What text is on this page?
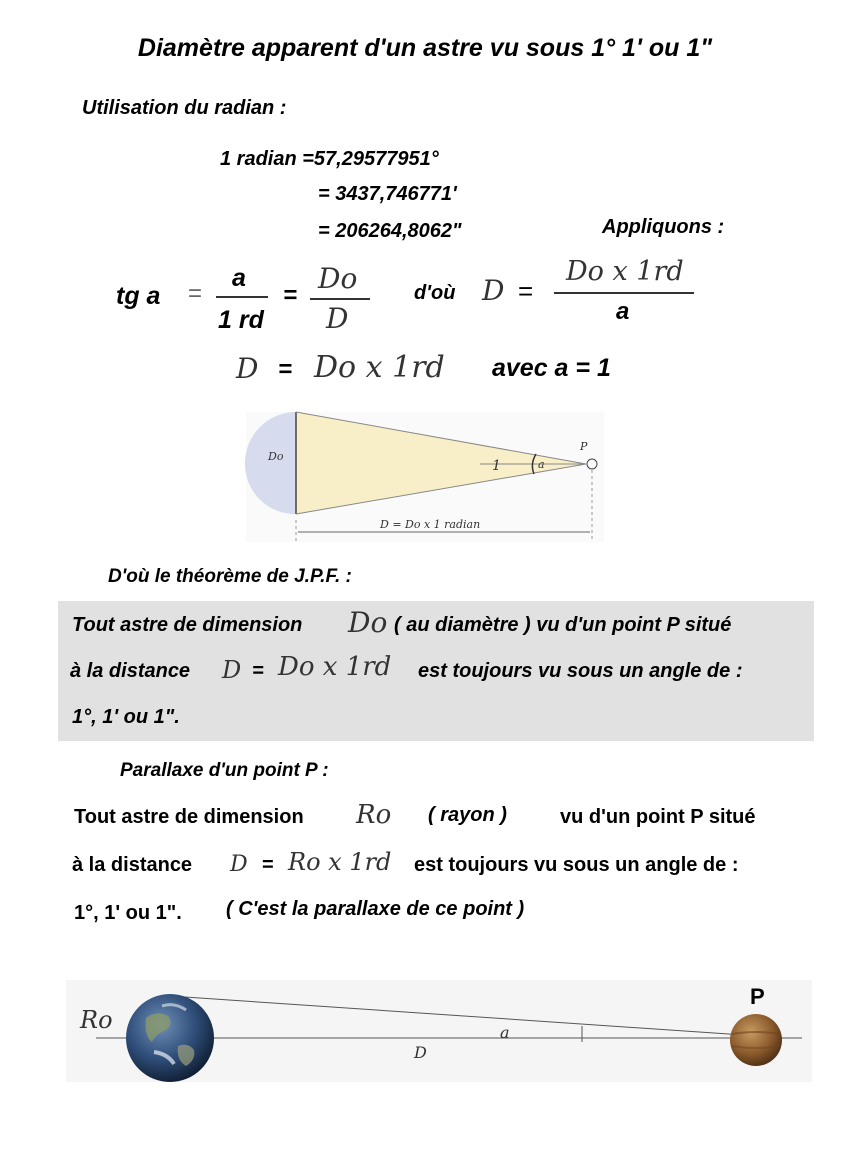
Diamètre apparent d'un astre vu sous 1° 1' ou 1"
Utilisation du radian :
1 radian =57,29577951°
= 3437,746771'
= 206264,8062"	Appliquons :
tg a =
a
1 rd
=
Do
D
d'où D =
Do x 1rd
a
D = Do x 1rd avec a = 1
Do
P
1	a
D = Do x 1 radian
D'où le théorème de J.P.F. :
Tout astre de dimension Do ( au diamètre ) vu d'un point P situé
à la distance D = Do x 1rd est toujours vu sous un angle de :
1°, 1' ou 1".
Parallaxe d'un point P :
Tout astre de dimension Ro ( rayon )	vu d'un point P situé
à la distance D = Ro x 1rd est toujours vu sous un angle de :
1°, 1' ou 1". ( C'est la parallaxe de ce point )
Ro
P
a
D
